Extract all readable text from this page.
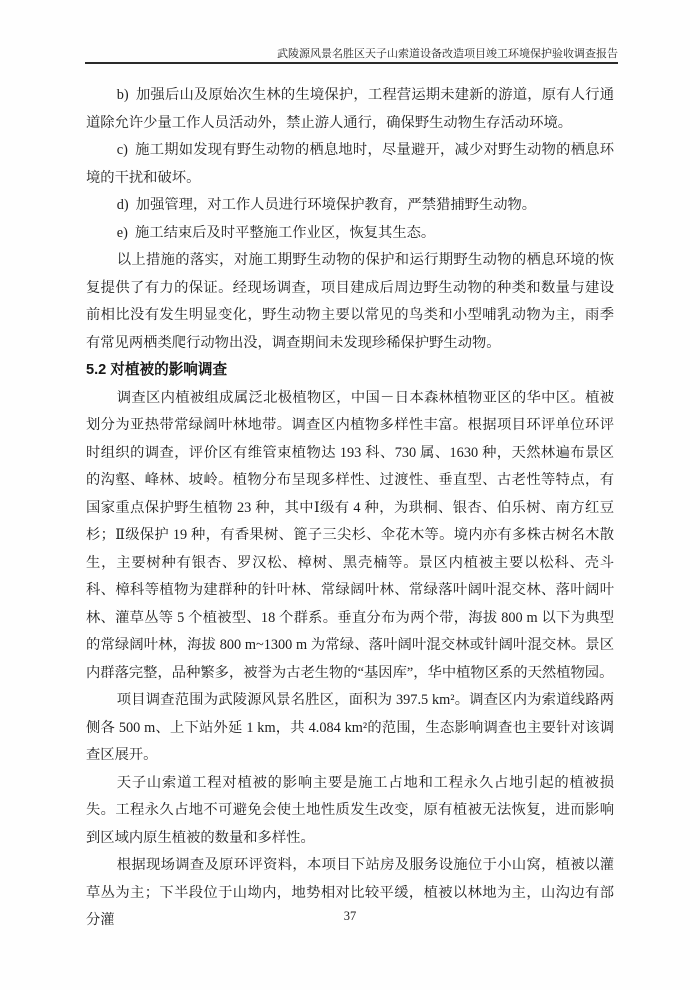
武陵源风景名胜区天子山索道设备改造项目竣工环境保护验收调查报告

b) 加强后山及原始次生林的生境保护，工程营运期未建新的游道，原有人行通道除允许少量工作人员活动外，禁止游人通行，确保野生动物生存活动环境。

c) 施工期如发现有野生动物的栖息地时，尽量避开，减少对野生动物的栖息环境的干扰和破坏。

d) 加强管理，对工作人员进行环境保护教育，严禁猎捕野生动物。

e) 施工结束后及时平整施工作业区，恢复其生态。

以上措施的落实，对施工期野生动物的保护和运行期野生动物的栖息环境的恢复提供了有力的保证。经现场调查，项目建成后周边野生动物的种类和数量与建设前相比没有发生明显变化，野生动物主要以常见的鸟类和小型哺乳动物为主，雨季有常见两栖类爬行动物出没，调查期间未发现珍稀保护野生动物。

5.2 对植被的影响调查

调查区内植被组成属泛北极植物区，中国－日本森林植物亚区的华中区。植被划分为亚热带常绿阔叶林地带。调查区内植物多样性丰富。根据项目环评单位环评时组织的调查，评价区有维管束植物达 193 科、730 属、1630 种，天然林遍布景区的沟壑、峰林、坡岭。植物分布呈现多样性、过渡性、垂直型、古老性等特点，有国家重点保护野生植物 23 种，其中Ⅰ级有 4 种，为珙桐、银杏、伯乐树、南方红豆杉；Ⅱ级保护 19 种，有香果树、篦子三尖杉、伞花木等。境内亦有多株古树名木散生，主要树种有银杏、罗汉松、樟树、黑壳楠等。景区内植被主要以松科、壳斗科、樟科等植物为建群种的针叶林、常绿阔叶林、常绿落叶阔叶混交林、落叶阔叶林、灌草丛等 5 个植被型、18 个群系。垂直分布为两个带，海拔 800 m 以下为典型的常绿阔叶林，海拔 800 m~1300 m 为常绿、落叶阔叶混交林或针阔叶混交林。景区内群落完整，品种繁多，被誉为古老生物的“基因库”，华中植物区系的天然植物园。

项目调查范围为武陵源风景名胜区，面积为 397.5 km²。调查区内为索道线路两侧各 500 m、上下站外延 1 km，共 4.084 km²的范围，生态影响调查也主要针对该调查区展开。

天子山索道工程对植被的影响主要是施工占地和工程永久占地引起的植被损失。工程永久占地不可避免会使土地性质发生改变，原有植被无法恢复，进而影响到区域内原生植被的数量和多样性。

根据现场调查及原环评资料，本项目下站房及服务设施位于小山窝，植被以灌草丛为主；下半段位于山坳内，地势相对比较平缓，植被以林地为主，山沟边有部分灌	37
